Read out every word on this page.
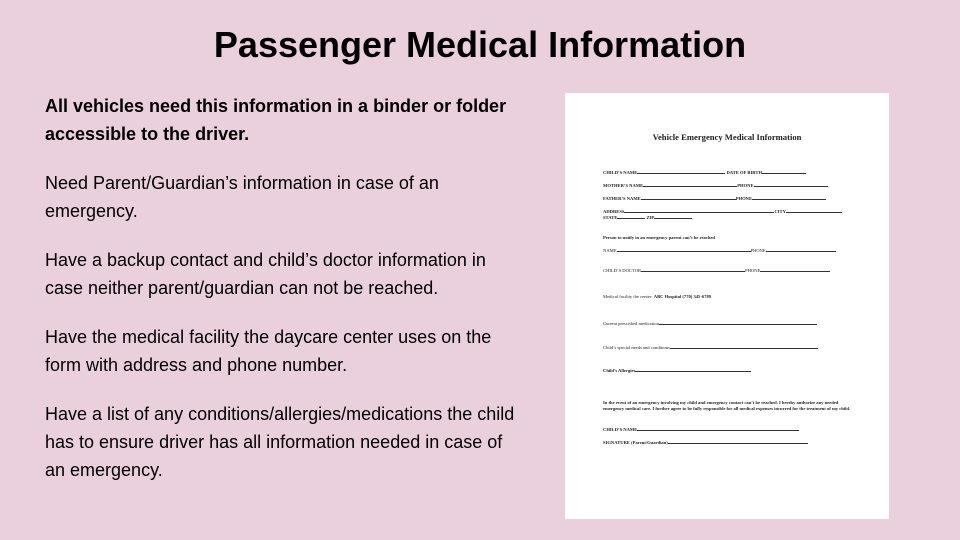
Passenger Medical Information

All vehicles need this information in a binder or folder accessible to the driver.

Need Parent/Guardian’s information in case of an emergency.

Have a backup contact and child’s doctor information in case neither parent/guardian can not be reached.

Have the medical facility the daycare center uses on the form with address and phone number.

Have a list of any conditions/allergies/medications the child has to ensure driver has all information needed in case of an emergency.

Vehicle Emergency Medical Information
CHILD’S NAME	DATE OF BIRTH
MOTHER’S NAME	PHONE
FATHER’S NAME	PHONE
ADDRESS	CITY
STATE	ZIP
Person to notify in an emergency parent can’t be reached
NAME	PHONE
CHILD’S DOCTOR	PHONE
Medical facility the center: ABC Hospital (770) 345-6789
Current prescribed medication
Child’s special needs and conditions
Child’s Allergies
In the event of an emergency involving my child and emergency contact can’t be reached. I hereby authorize any needed emergency medical care. I further agree to be fully responsible for all medical expenses incurred for the treatment of my child.
CHILD’S NAME
SIGNATURE (Parent/Guardian)
